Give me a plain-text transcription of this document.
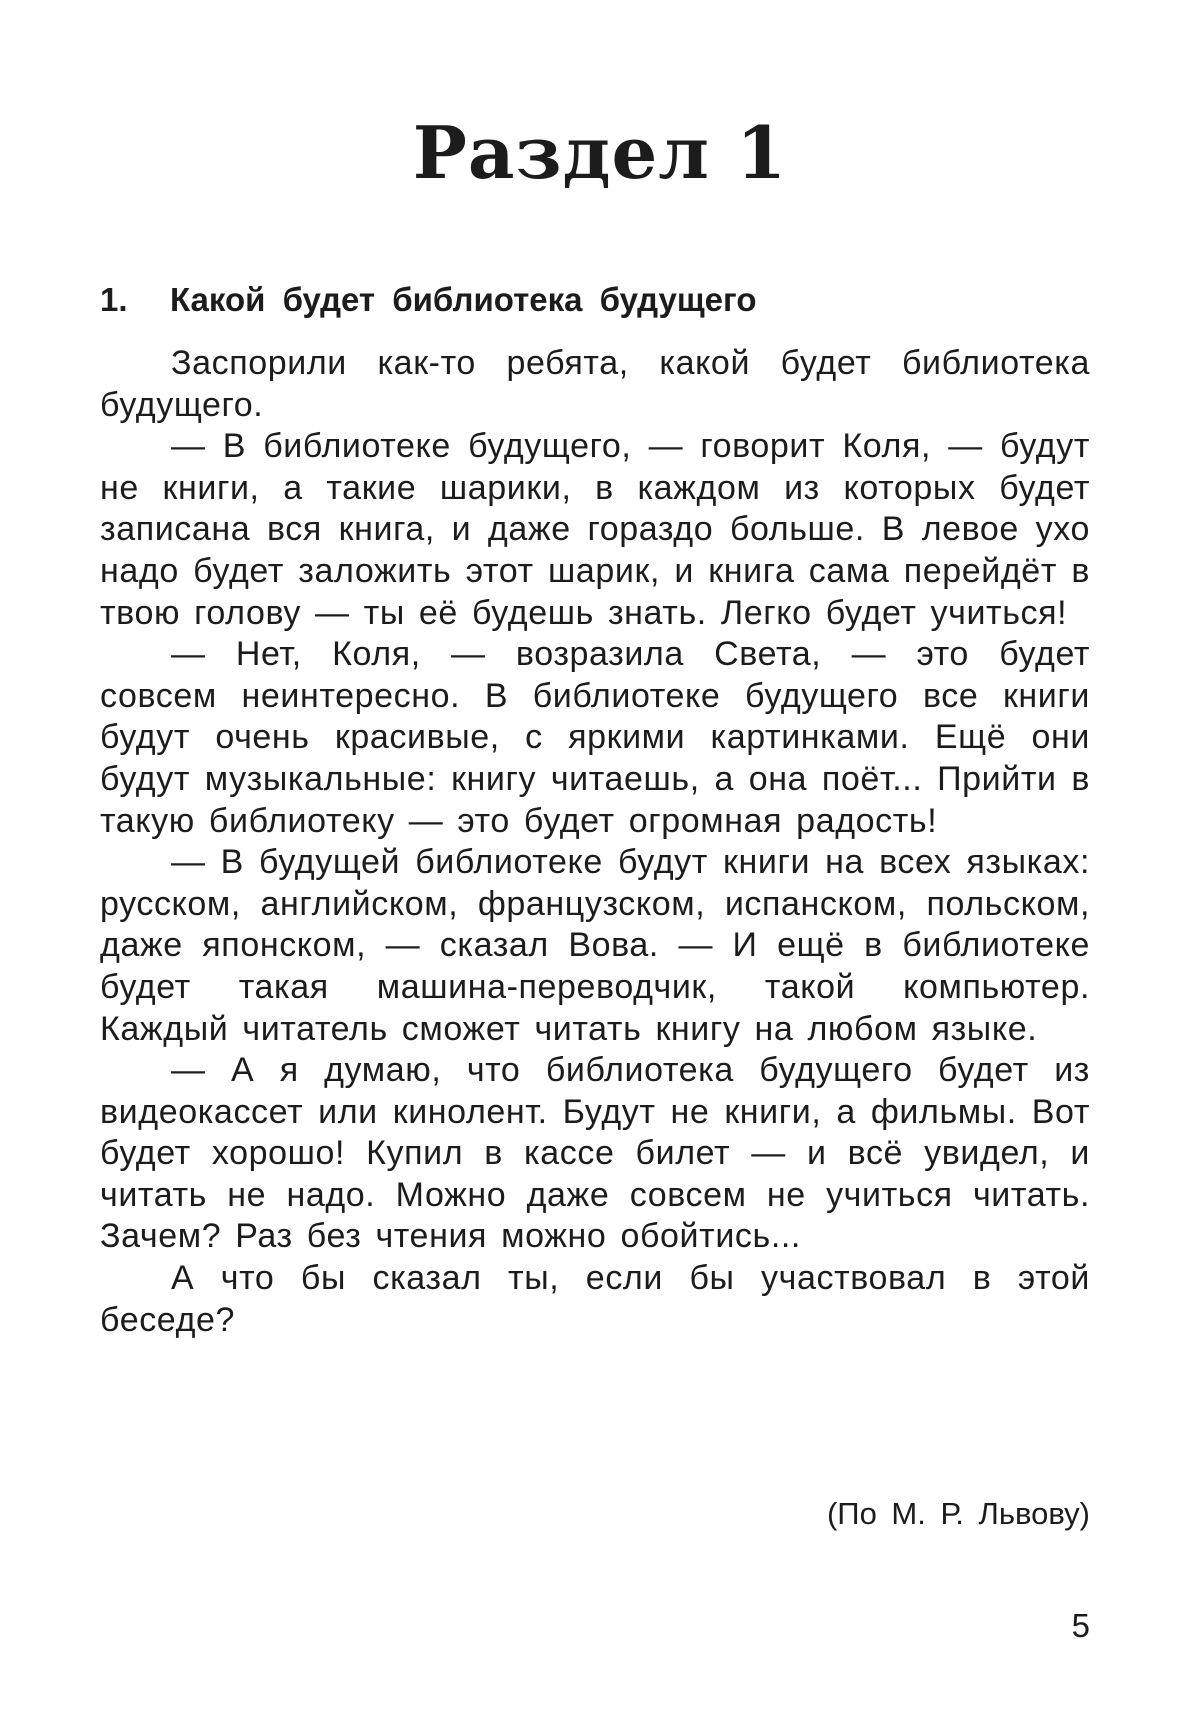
Раздел 1
1. Какой будет библиотека будущего

Заспорили как-то ребята, какой будет библиотека будущего.

— В библиотеке будущего, — говорит Коля, — будут не книги, а такие шарики, в каждом из которых будет записана вся книга, и даже гораздо больше. В левое ухо надо будет заложить этот шарик, и книга сама перейдёт в твою голову — ты её будешь знать. Легко будет учиться!

— Нет, Коля, — возразила Света, — это будет совсем неинтересно. В библиотеке будущего все книги будут очень красивые, с яркими картинками. Ещё они будут музыкальные: книгу читаешь, а она поёт... Прийти в такую библиотеку — это будет огромная радость!

— В будущей библиотеке будут книги на всех языках: русском, английском, французском, испанском, польском, даже японском, — сказал Вова. — И ещё в библиотеке будет такая машина-переводчик, такой компьютер. Каждый читатель сможет читать книгу на любом языке.

— А я думаю, что библиотека будущего будет из видеокассет или кинолент. Будут не книги, а фильмы. Вот будет хорошо! Купил в кассе билет — и всё увидел, и читать не надо. Можно даже совсем не учиться читать. Зачем? Раз без чтения можно обойтись...

А что бы сказал ты, если бы участвовал в этой беседе?

(По М. Р. Львову)
5
